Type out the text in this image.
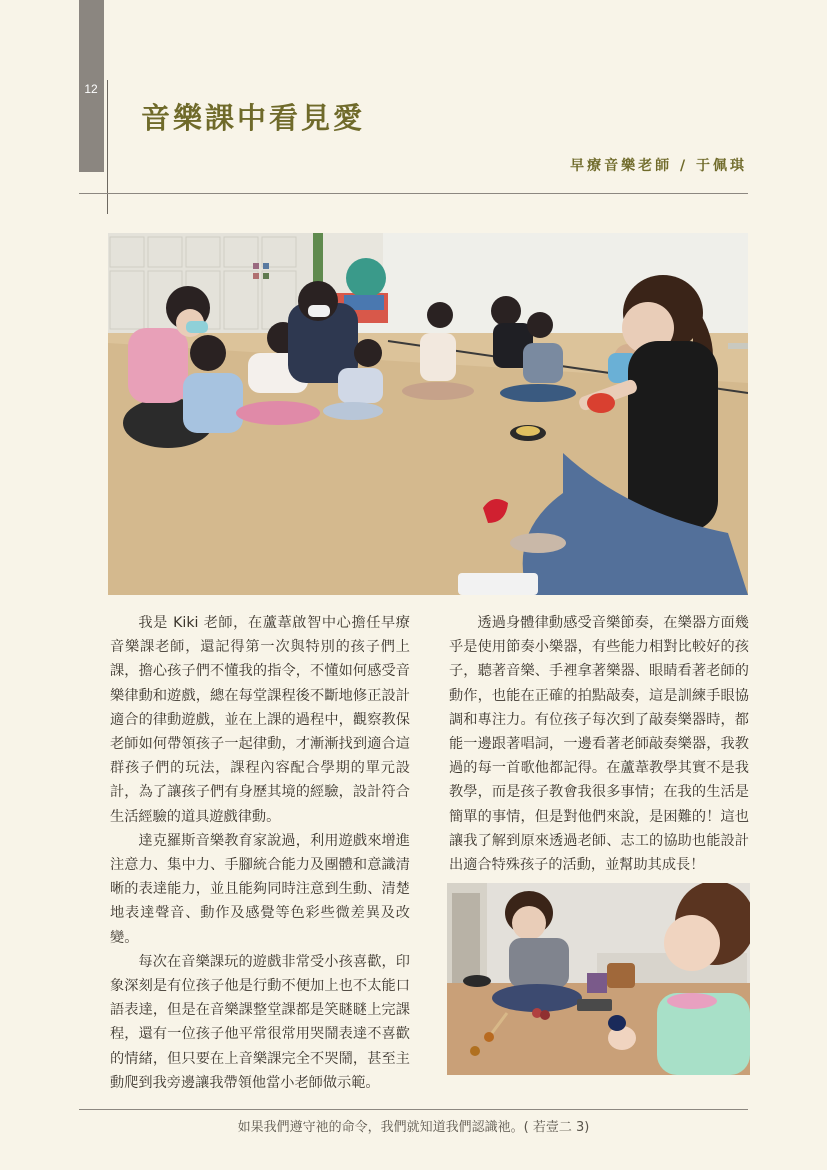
12
音樂課中看見愛
早療音樂老師 / 于佩琪

我是 Kiki 老師，在蘆葦啟智中心擔任早療音樂課老師，還記得第一次與特別的孩子們上課，擔心孩子們不懂我的指令，不懂如何感受音樂律動和遊戲，總在每堂課程後不斷地修正設計適合的律動遊戲，並在上課的過程中，觀察教保老師如何帶領孩子一起律動，才漸漸找到適合這群孩子們的玩法，課程內容配合學期的單元設計，為了讓孩子們有身歷其境的經驗，設計符合生活經驗的道具遊戲律動。

達克羅斯音樂教育家說過，利用遊戲來增進注意力、集中力、手腳統合能力及團體和意識清晰的表達能力，並且能夠同時注意到生動、清楚地表達聲音、動作及感覺等色彩些微差異及改變。

每次在音樂課玩的遊戲非常受小孩喜歡，印象深刻是有位孩子他是行動不便加上也不太能口語表達，但是在音樂課整堂課都是笑瞇瞇上完課程，還有一位孩子他平常很常用哭鬧表達不喜歡的情緒，但只要在上音樂課完全不哭鬧，甚至主動爬到我旁邊讓我帶領他當小老師做示範。

透過身體律動感受音樂節奏，在樂器方面幾乎是使用節奏小樂器，有些能力相對比較好的孩子，聽著音樂、手裡拿著樂器、眼睛看著老師的動作，也能在正確的拍點敲奏，這是訓練手眼協調和專注力。有位孩子每次到了敲奏樂器時，都能一邊跟著唱詞，一邊看著老師敲奏樂器，我教過的每一首歌他都記得。在蘆葦教學其實不是我教學，而是孩子教會我很多事情；在我的生活是簡單的事情，但是對他們來說，是困難的！這也讓我了解到原來透過老師、志工的協助也能設計出適合特殊孩子的活動，並幫助其成長！

如果我們遵守祂的命令，我們就知道我們認識祂。( 若壹二 3)
